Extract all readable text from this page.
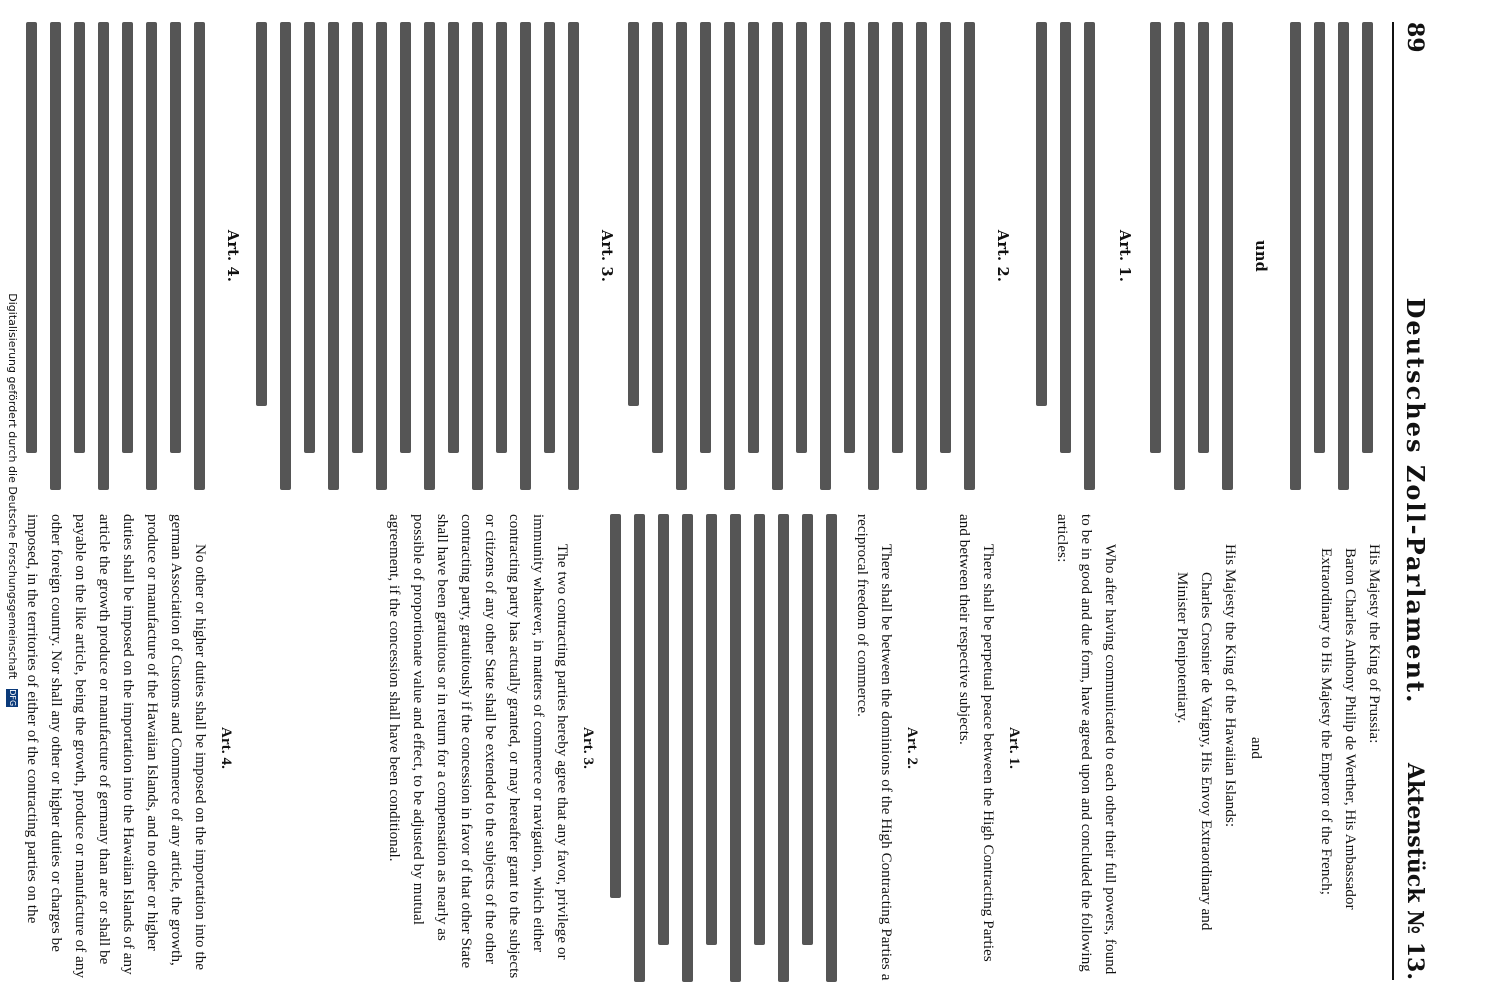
89
Deutsches Zoll-Parlament.
Aktenstück № 13.
und
Art. 1.
Art. 2.
Art. 3.
Art. 4.
His Majesty the King of Prussia:
Baron Charles Anthony Philip de Werther, His Ambassador Extraordinary to His Majesty the Emperor of the French;
and
His Majesty the King of the Hawaiian Islands:
Charles Crosnier de Varigny, His Envoy Extraordinary and Minister Plenipotentiary.
Who after having communicated to each other their full powers, found to be in good and due form, have agreed upon and concluded the following articles:
Art. 1.
There shall be perpetual peace between the High Contracting Parties and between their respective subjects.
Art. 2.
There shall be between the dominions of the High Contracting Parties a reciprocal freedom of commerce.
Art. 3.
The two contracting parties hereby agree that any favor, privilege or immunity whatever, in matters of commerce or navigation, which either contracting party has actually granted, or may hereafter grant to the subjects or citizens of any other State shall be extended to the subjects of the other contracting party, gratuitously if the concession in favor of that other State shall have been gratuitous or in return for a compensation as nearly as possible of proportionate value and effect, to be adjusted by mutual agreement, if the concession shall have been conditional.
Art. 4.
No other or higher duties shall be imposed on the importation into the german Association of Customs and Commerce of any article, the growth, produce or manufacture of the Hawaiian Islands, and no other or higher duties shall be imposed on the importation into the Hawaiian Islands of any article the growth produce or manufacture of germany than are or shall be payable on the like article, being the growth, produce or manufacture of any other foreign country. Nor shall any other or higher duties or charges be imposed, in the territories of either of the contracting parties on the
Digitalisierung gefördert durch die Deutsche Forschungsgemeinschaft DFG
